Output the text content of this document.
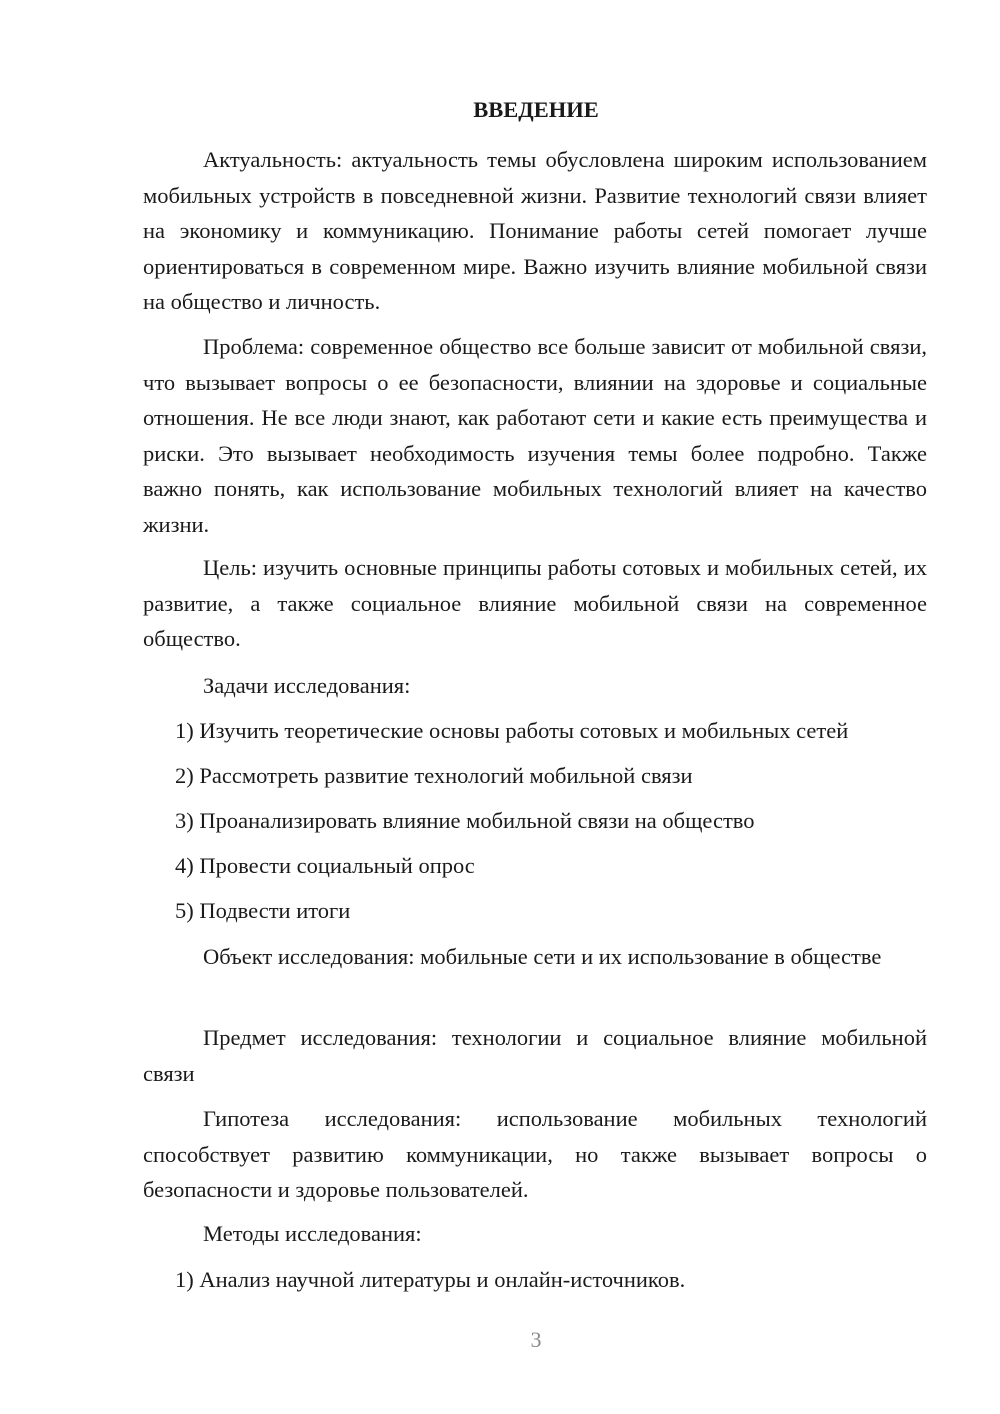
ВВЕДЕНИЕ
Актуальность: актуальность темы обусловлена широким использованием мобильных устройств в повседневной жизни. Развитие технологий связи влияет на экономику и коммуникацию. Понимание работы сетей помогает лучше ориентироваться в современном мире. Важно изучить влияние мобильной связи на общество и личность.
Проблема: современное общество все больше зависит от мобильной связи, что вызывает вопросы о ее безопасности, влиянии на здоровье и социальные отношения. Не все люди знают, как работают сети и какие есть преимущества и риски. Это вызывает необходимость изучения темы более подробно. Также важно понять, как использование мобильных технологий влияет на качество жизни.
Цель: изучить основные принципы работы сотовых и мобильных сетей, их развитие, а также социальное влияние мобильной связи на современное общество.
Задачи исследования:
1) Изучить теоретические основы работы сотовых и мобильных сетей
2) Рассмотреть развитие технологий мобильной связи
3) Проанализировать влияние мобильной связи на общество
4) Провести социальный опрос
5) Подвести итоги
Объект исследования: мобильные сети и их использование в обществе
Предмет исследования: технологии и социальное влияние мобильной связи
Гипотеза исследования: использование мобильных технологий способствует развитию коммуникации, но также вызывает вопросы о безопасности и здоровье пользователей.
Методы исследования:
1) Анализ научной литературы и онлайн-источников.
3
